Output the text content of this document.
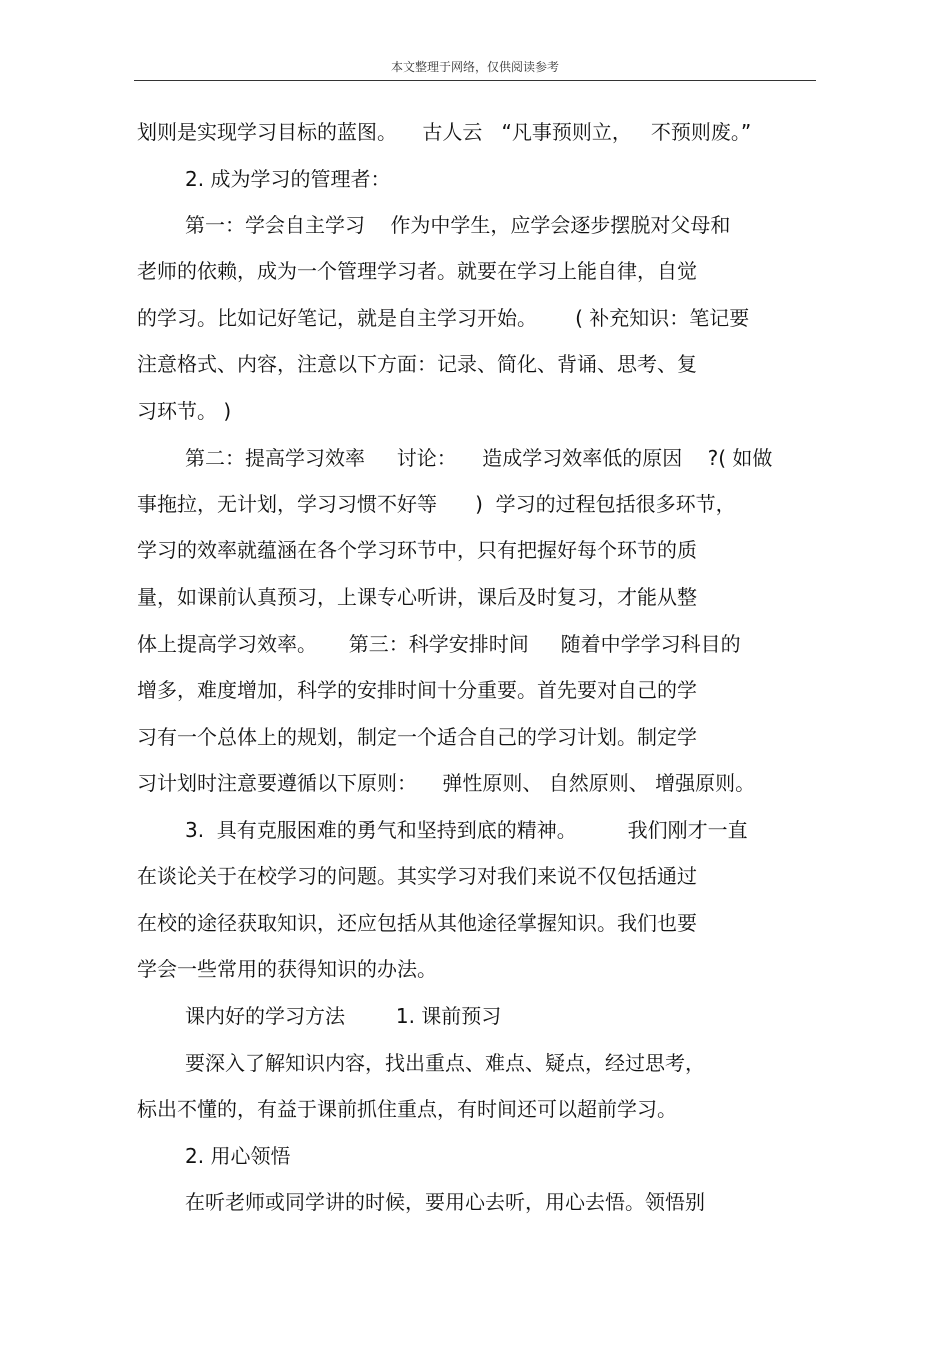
本文整理于网络，仅供阅读参考
划则是实现学习目标的蓝图。    古人云   “凡事预则立，   不预则废。”
2. 成为学习的管理者：
第一：学会自主学习    作为中学生，应学会逐步摆脱对父母和
老师的依赖，成为一个管理学习者。就要在学习上能自律，自觉
的学习。比如记好笔记，就是自主学习开始。      ( 补充知识：笔记要
注意格式、内容，注意以下方面：记录、简化、背诵、思考、复
习环节。 )
第二：提高学习效率     讨论：    造成学习效率低的原因    ?( 如做
事拖拉，无计划，学习习惯不好等      )  学习的过程包括很多环节，
学习的效率就蕴涵在各个学习环节中，只有把握好每个环节的质
量，如课前认真预习，上课专心听讲，课后及时复习，才能从整
体上提高学习效率。     第三：科学安排时间     随着中学学习科目的
增多，难度增加，科学的安排时间十分重要。首先要对自己的学
习有一个总体上的规划，制定一个适合自己的学习计划。制定学
习计划时注意要遵循以下原则：    弹性原则、 自然原则、 增强原则。
3.  具有克服困难的勇气和坚持到底的精神。        我们刚才一直
在谈论关于在校学习的问题。其实学习对我们来说不仅包括通过
在校的途径获取知识，还应包括从其他途径掌握知识。我们也要
学会一些常用的获得知识的办法。
课内好的学习方法        1. 课前预习
要深入了解知识内容，找出重点、难点、疑点，经过思考，
标出不懂的，有益于课前抓住重点，有时间还可以超前学习。
2. 用心领悟
在听老师或同学讲的时候，要用心去听，用心去悟。领悟别
